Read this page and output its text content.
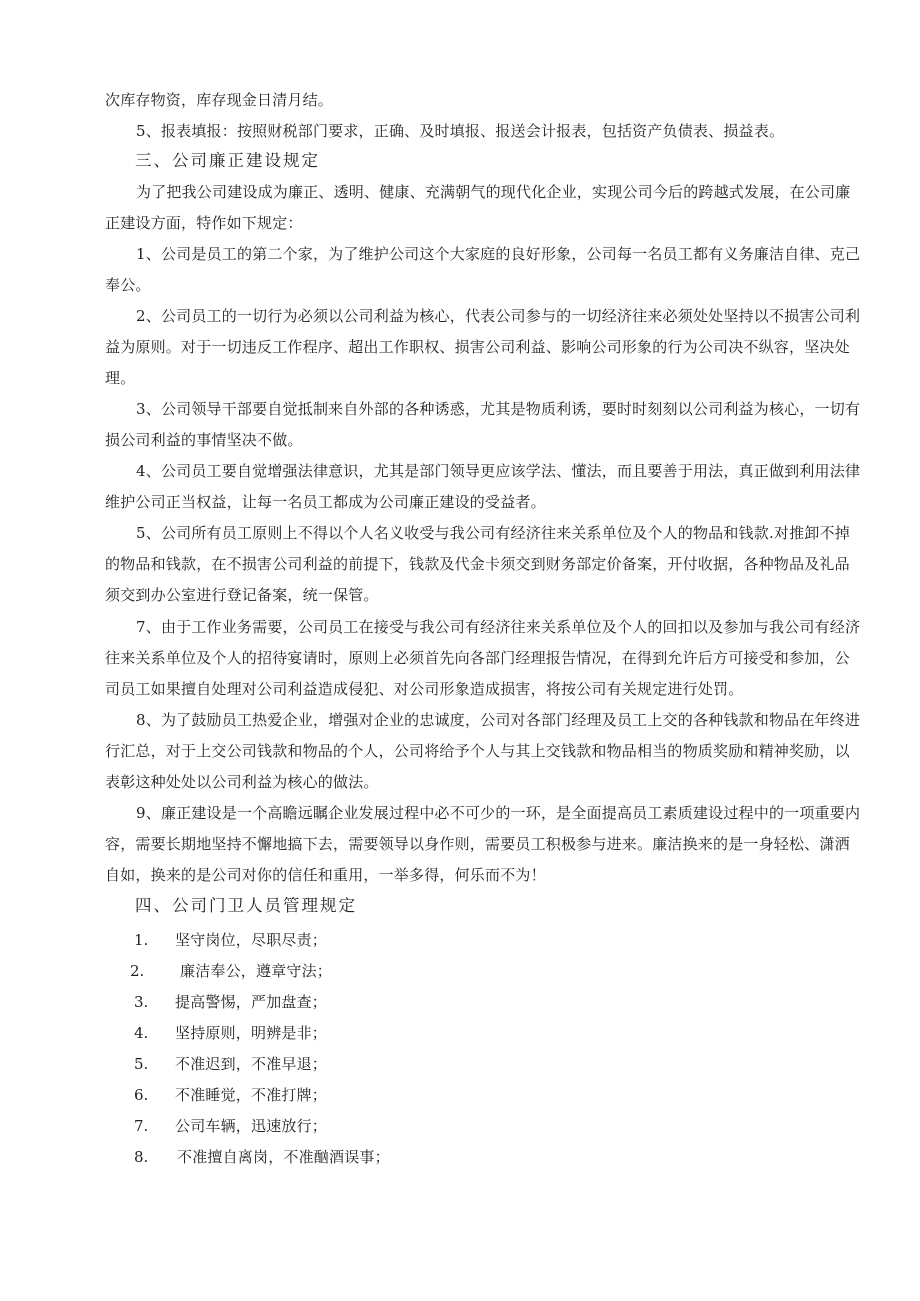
次库存物资，库存现金日清月结。
5、报表填报：按照财税部门要求，正确、及时填报、报送会计报表，包括资产负债表、损益表。
三、公司廉正建设规定
为了把我公司建设成为廉正、透明、健康、充满朝气的现代化企业，实现公司今后的跨越式发展，在公司廉
正建设方面，特作如下规定：
1、公司是员工的第二个家，为了维护公司这个大家庭的良好形象，公司每一名员工都有义务廉洁自律、克己
奉公。
2、公司员工的一切行为必须以公司利益为核心，代表公司参与的一切经济往来必须处处坚持以不损害公司利
益为原则。对于一切违反工作程序、超出工作职权、损害公司利益、影响公司形象的行为公司决不纵容，坚决处
理。
3、公司领导干部要自觉抵制来自外部的各种诱惑，尤其是物质利诱，要时时刻刻以公司利益为核心，一切有
损公司利益的事情坚决不做。
4、公司员工要自觉增强法律意识，尤其是部门领导更应该学法、懂法，而且要善于用法，真正做到利用法律
维护公司正当权益，让每一名员工都成为公司廉正建设的受益者。
5、公司所有员工原则上不得以个人名义收受与我公司有经济往来关系单位及个人的物品和钱款.对推卸不掉
的物品和钱款，在不损害公司利益的前提下，钱款及代金卡须交到财务部定价备案，开付收据，各种物品及礼品
须交到办公室进行登记备案，统一保管。
7、由于工作业务需要，公司员工在接受与我公司有经济往来关系单位及个人的回扣以及参加与我公司有经济
往来关系单位及个人的招待宴请时，原则上必须首先向各部门经理报告情况，在得到允许后方可接受和参加，公
司员工如果擅自处理对公司利益造成侵犯、对公司形象造成损害，将按公司有关规定进行处罚。
8、为了鼓励员工热爱企业，增强对企业的忠诚度，公司对各部门经理及员工上交的各种钱款和物品在年终进
行汇总，对于上交公司钱款和物品的个人，公司将给予个人与其上交钱款和物品相当的物质奖励和精神奖励，以
表彰这种处处以公司利益为核心的做法。
9、廉正建设是一个高瞻远瞩企业发展过程中必不可少的一环，是全面提高员工素质建设过程中的一项重要内
容，需要长期地坚持不懈地搞下去，需要领导以身作则，需要员工积极参与进来。廉洁换来的是一身轻松、潇洒
自如，换来的是公司对你的信任和重用，一举多得，何乐而不为！
四、公司门卫人员管理规定
1. 坚守岗位，尽职尽责；
2. 廉洁奉公，遵章守法；
3. 提高警惕，严加盘查；
4. 坚持原则，明辨是非；
5. 不准迟到，不准早退；
6. 不准睡觉，不准打牌；
7. 公司车辆，迅速放行；
8. 不准擅自离岗，不准酗酒误事；
